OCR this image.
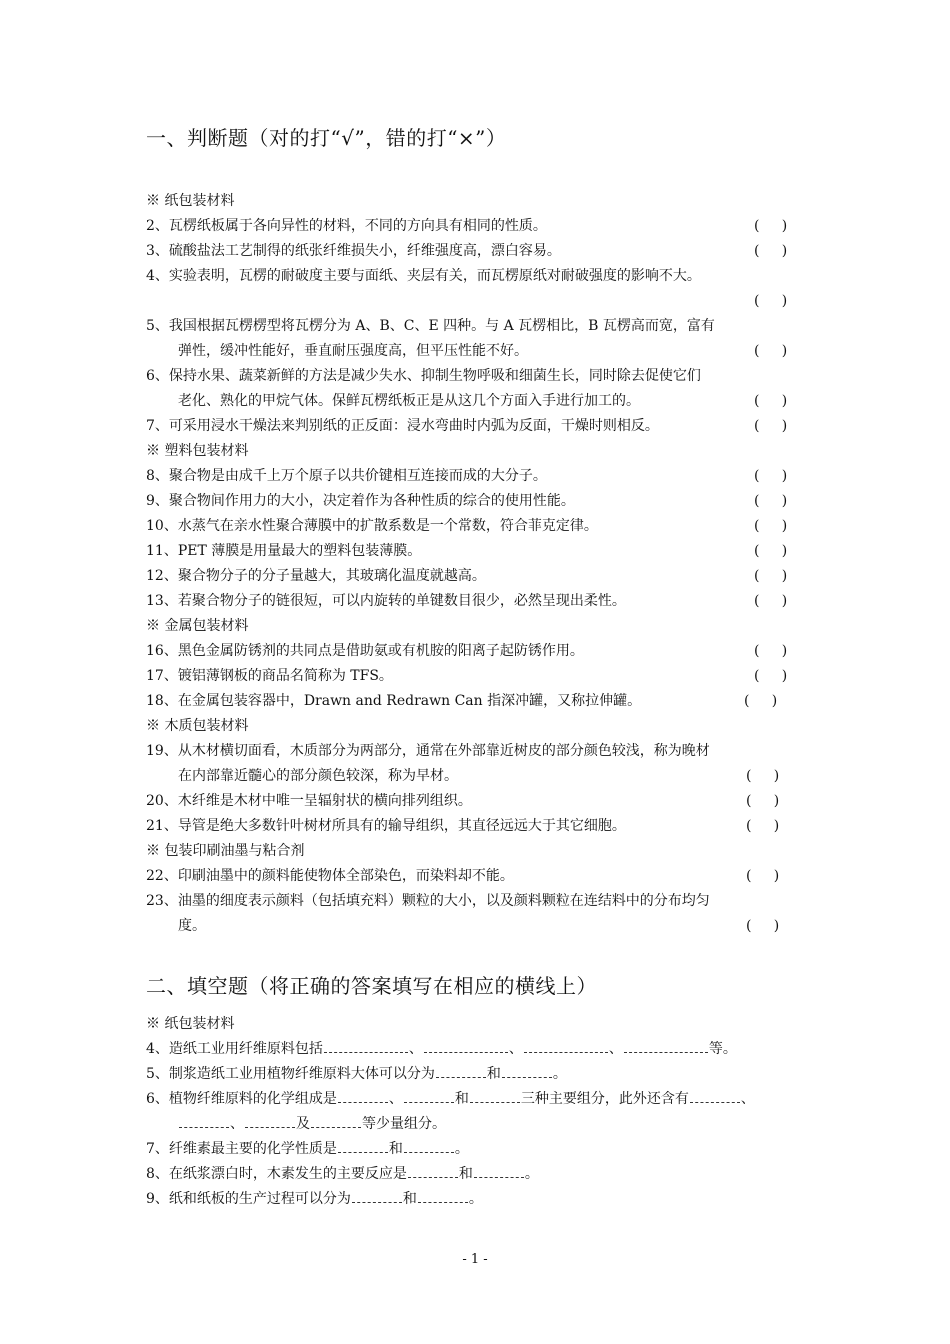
一、判断题（对的打“√”，错的打“×”）
※ 纸包装材料
2、瓦楞纸板属于各向异性的材料，不同的方向具有相同的性质。	(     )
3、硫酸盐法工艺制得的纸张纤维损失小，纤维强度高，漂白容易。	(     )
4、实验表明，瓦楞的耐破度主要与面纸、夹层有关，而瓦楞原纸对耐破强度的影响不大。
(     )
5、我国根据瓦楞楞型将瓦楞分为 A、B、C、E 四种。与 A 瓦楞相比，B 瓦楞高而宽，富有
弹性，缓冲性能好，垂直耐压强度高，但平压性能不好。	(     )
6、保持水果、蔬菜新鲜的方法是减少失水、抑制生物呼吸和细菌生长，同时除去促使它们
老化、熟化的甲烷气体。保鲜瓦楞纸板正是从这几个方面入手进行加工的。	(     )
7、可采用浸水干燥法来判别纸的正反面：浸水弯曲时内弧为反面，干燥时则相反。	(     )
※ 塑料包装材料
8、聚合物是由成千上万个原子以共价键相互连接而成的大分子。	(     )
9、聚合物间作用力的大小，决定着作为各种性质的综合的使用性能。	(     )
10、水蒸气在亲水性聚合薄膜中的扩散系数是一个常数，符合菲克定律。	(     )
11、PET 薄膜是用量最大的塑料包装薄膜。	(     )
12、聚合物分子的分子量越大，其玻璃化温度就越高。	(     )
13、若聚合物分子的链很短，可以内旋转的单键数目很少，必然呈现出柔性。	(     )
※ 金属包装材料
16、黑色金属防锈剂的共同点是借助氨或有机胺的阳离子起防锈作用。	(     )
17、镀铝薄钢板的商品名简称为 TFS。	(     )
18、在金属包装容器中，Drawn and Redrawn Can 指深冲罐，又称拉伸罐。	(     )
※ 木质包装材料
19、从木材横切面看，木质部分为两部分，通常在外部靠近树皮的部分颜色较浅，称为晚材
在内部靠近髓心的部分颜色较深，称为早材。	(     )
20、木纤维是木材中唯一呈辐射状的横向排列组织。	(     )
21、导管是绝大多数针叶树材所具有的输导组织，其直径远远大于其它细胞。	(     )
※ 包装印刷油墨与粘合剂
22、印刷油墨中的颜料能使物体全部染色，而染料却不能。	(     )
23、油墨的细度表示颜料（包括填充料）颗粒的大小，以及颜料颗粒在连结料中的分布均匀
度。	(     )
二、填空题（将正确的答案填写在相应的横线上）
※ 纸包装材料
4、造纸工业用纤维原料包括	、	、	、	等。
5、制浆造纸工业用植物纤维原料大体可以分为	和	。
6、植物纤维原料的化学组成是	、	和	三种主要组分，此外还含有	、
、	及	等少量组分。
7、纤维素最主要的化学性质是	和	。
8、在纸浆漂白时，木素发生的主要反应是	和	。
9、纸和纸板的生产过程可以分为	和	。
- 1 -
